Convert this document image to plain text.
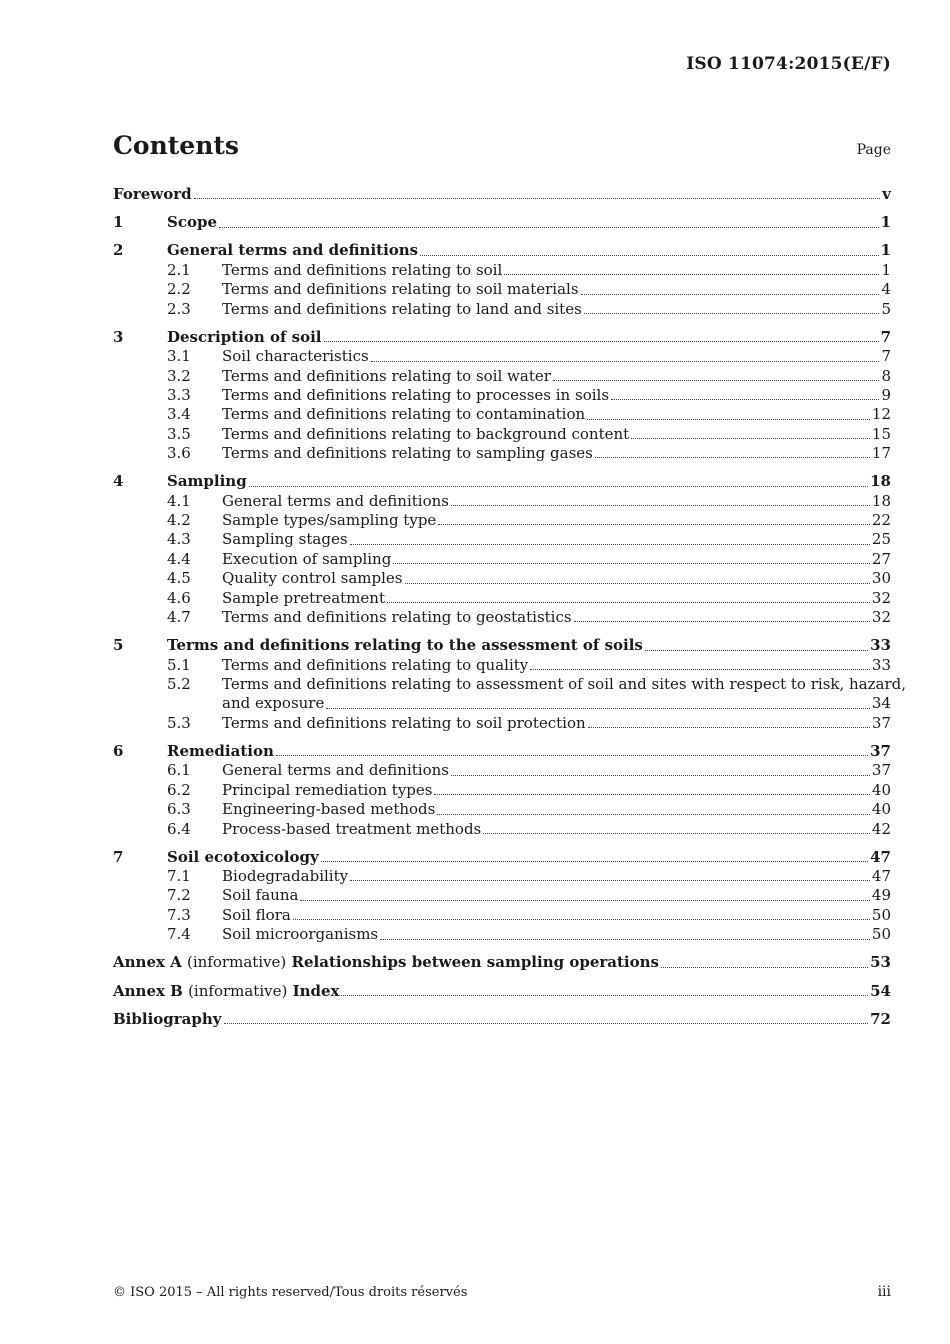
ISO 11074:2015(E/F)
Contents	Page
Foreword	v
1	Scope	1
2	General terms and definitions	1
2.1	Terms and definitions relating to soil	1
2.2	Terms and definitions relating to soil materials	4
2.3	Terms and definitions relating to land and sites	5
3	Description of soil	7
3.1	Soil characteristics	7
3.2	Terms and definitions relating to soil water	8
3.3	Terms and definitions relating to processes in soils	9
3.4	Terms and definitions relating to contamination	12
3.5	Terms and definitions relating to background content	15
3.6	Terms and definitions relating to sampling gases	17
4	Sampling	18
4.1	General terms and definitions	18
4.2	Sample types/sampling type	22
4.3	Sampling stages	25
4.4	Execution of sampling	27
4.5	Quality control samples	30
4.6	Sample pretreatment	32
4.7	Terms and definitions relating to geostatistics	32
5	Terms and definitions relating to the assessment of soils	33
5.1	Terms and definitions relating to quality	33
5.2	Terms and definitions relating to assessment of soil and sites with respect to risk, hazard,
and exposure	34
5.3	Terms and definitions relating to soil protection	37
6	Remediation	37
6.1	General terms and definitions	37
6.2	Principal remediation types	40
6.3	Engineering-based methods	40
6.4	Process-based treatment methods	42
7	Soil ecotoxicology	47
7.1	Biodegradability	47
7.2	Soil fauna	49
7.3	Soil flora	50
7.4	Soil microorganisms	50
Annex A (informative) Relationships between sampling operations	53
Annex B (informative) Index	54
Bibliography	72
© ISO 2015 – All rights reserved/Tous droits réservés	iii
